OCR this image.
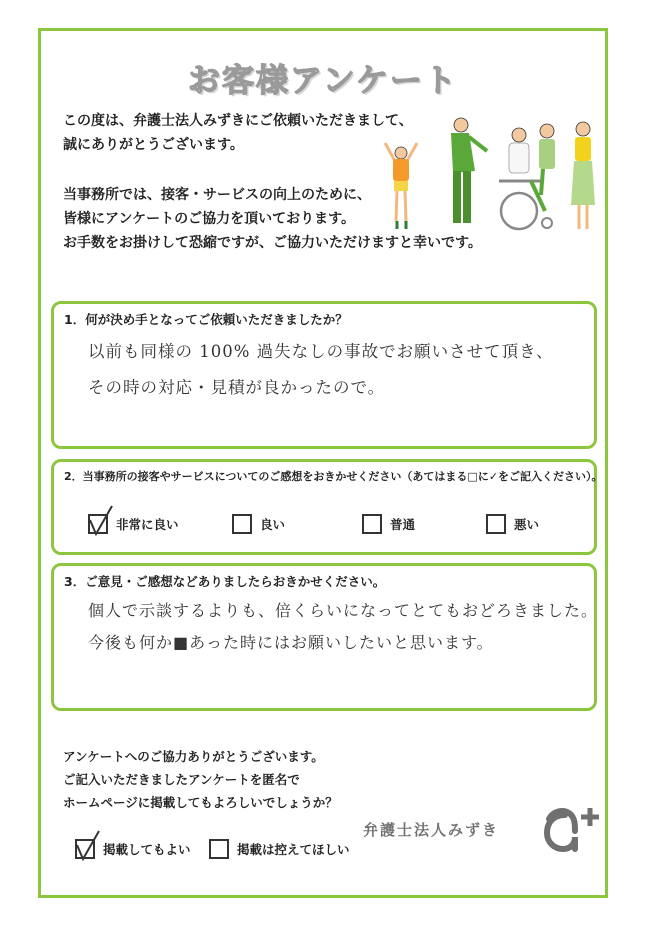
お客様アンケート
この度は、弁護士法人みずきにご依頼いただきまして、
誠にありがとうございます。
当事務所では、接客・サービスの向上のために、
皆様にアンケートのご協力を頂いております。
お手数をお掛けして恐縮ですが、ご協力いただけますと幸いです。
1．何が決め手となってご依頼いただきましたか？
以前も同様の 100% 過失なしの事故でお願いさせて頂き、
その時の対応・見積が良かったので。
2．当事務所の接客やサービスについてのご感想をおきかせください（あてはまる□に✓をご記入ください）。
非常に良い	良い	普通	悪い
3．ご意見・ご感想などありましたらおきかせください。
個人で示談するよりも、倍くらいになってとてもおどろきました。
今後も何か■あった時にはお願いしたいと思います。
アンケートへのご協力ありがとうございます。
ご記入いただきましたアンケートを匿名で
ホームページに掲載してもよろしいでしょうか？
掲載してもよい	掲載は控えてほしい
弁護士法人みずき
